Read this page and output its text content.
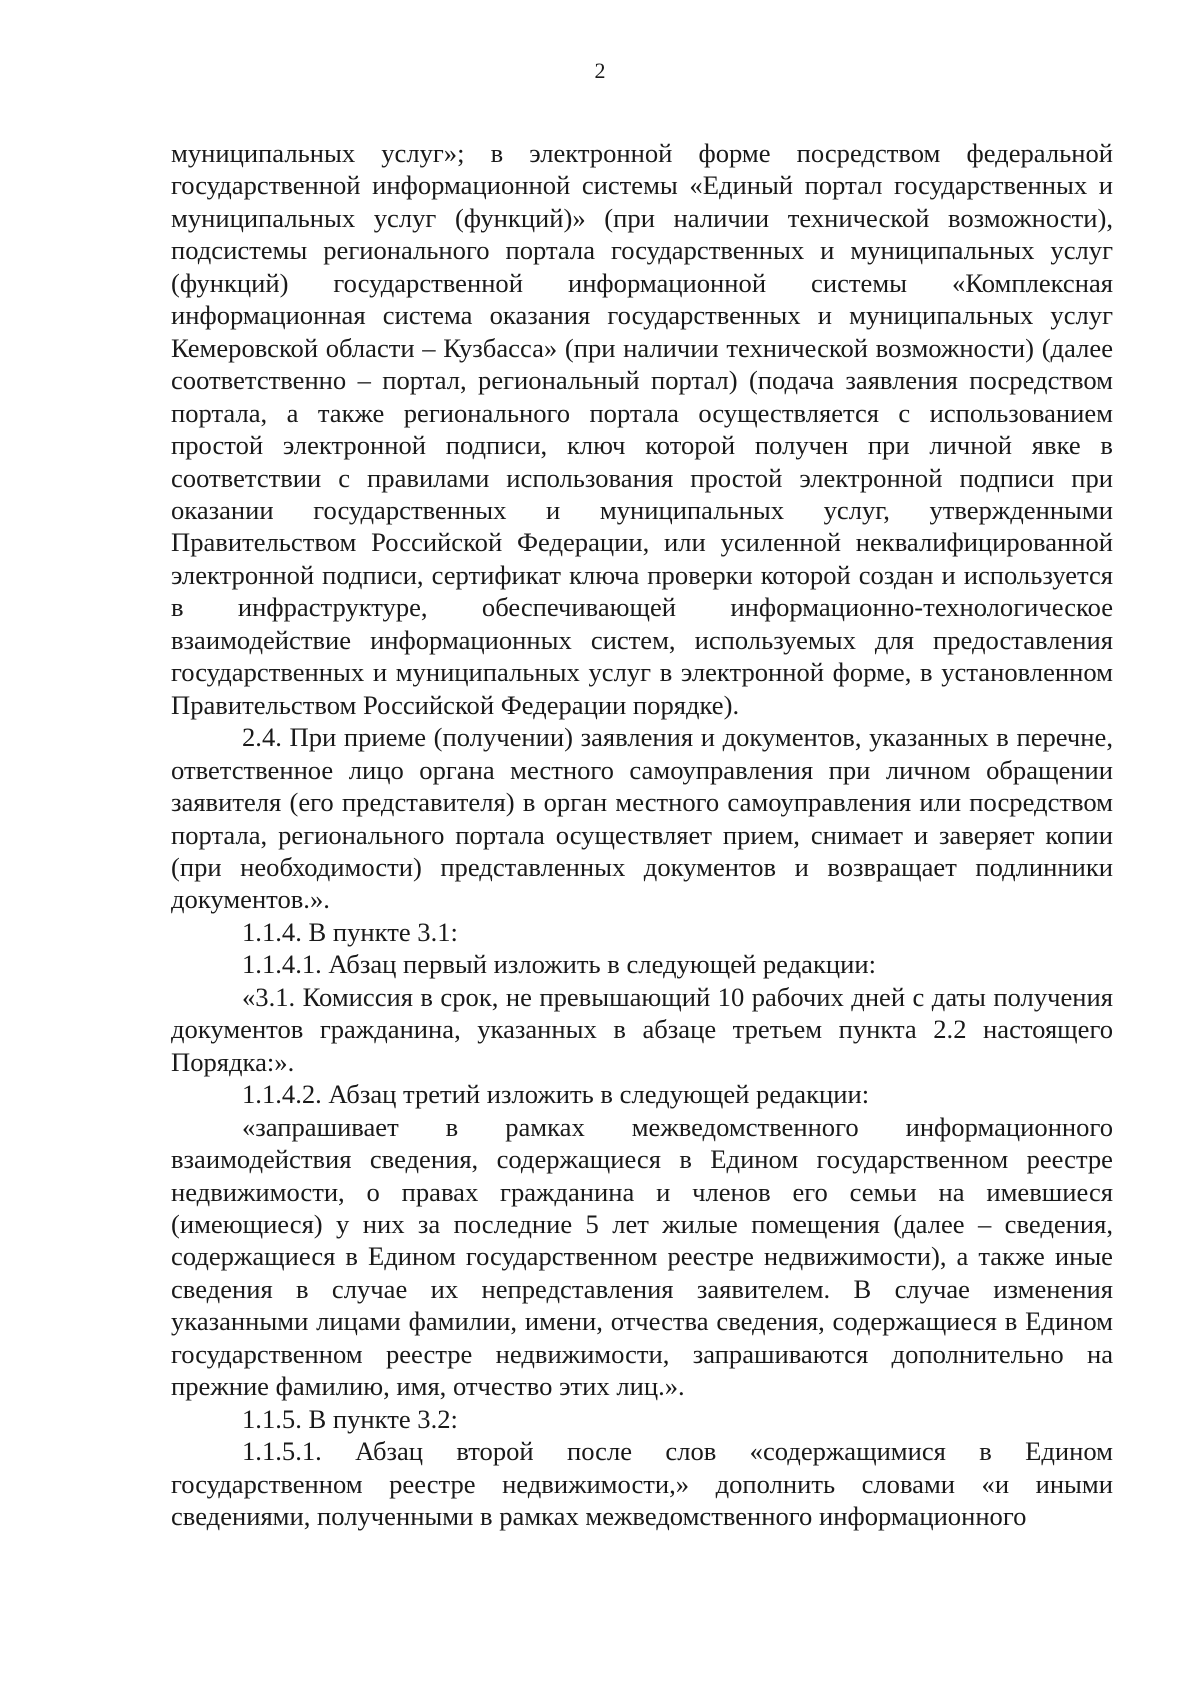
2

муниципальных услуг»; в электронной форме посредством федеральной государственной информационной системы «Единый портал государственных и муниципальных услуг (функций)» (при наличии технической возможности), подсистемы регионального портала государственных и муниципальных услуг (функций) государственной информационной системы «Комплексная информационная система оказания государственных и муниципальных услуг Кемеровской области – Кузбасса» (при наличии технической возможности) (далее соответственно – портал, региональный портал) (подача заявления посредством портала, а также регионального портала осуществляется с использованием простой электронной подписи, ключ которой получен при личной явке в соответствии с правилами использования простой электронной подписи при оказании государственных и муниципальных услуг, утвержденными Правительством Российской Федерации, или усиленной неквалифицированной электронной подписи, сертификат ключа проверки которой создан и используется в инфраструктуре, обеспечивающей информационно-технологическое взаимодействие информационных систем, используемых для предоставления государственных и муниципальных услуг в электронной форме, в установленном Правительством Российской Федерации порядке).

2.4. При приеме (получении) заявления и документов, указанных в перечне, ответственное лицо органа местного самоуправления при личном обращении заявителя (его представителя) в орган местного самоуправления или посредством портала, регионального портала осуществляет прием, снимает и заверяет копии (при необходимости) представленных документов и возвращает подлинники документов.».

1.1.4. В пункте 3.1:

1.1.4.1. Абзац первый изложить в следующей редакции:

«3.1. Комиссия в срок, не превышающий 10 рабочих дней с даты получения документов гражданина, указанных в абзаце третьем пункта 2.2 настоящего Порядка:».

1.1.4.2. Абзац третий изложить в следующей редакции:

«запрашивает в рамках межведомственного информационного взаимодействия сведения, содержащиеся в Едином государственном реестре недвижимости, о правах гражданина и членов его семьи на имевшиеся (имеющиеся) у них за последние 5 лет жилые помещения (далее – сведения, содержащиеся в Едином государственном реестре недвижимости), а также иные сведения в случае их непредставления заявителем. В случае изменения указанными лицами фамилии, имени, отчества сведения, содержащиеся в Едином государственном реестре недвижимости, запрашиваются дополнительно на прежние фамилию, имя, отчество этих лиц.».

1.1.5. В пункте 3.2:

1.1.5.1. Абзац второй после слов «содержащимися в Едином государственном реестре недвижимости,» дополнить словами «и иными сведениями, полученными в рамках межведомственного информационного
